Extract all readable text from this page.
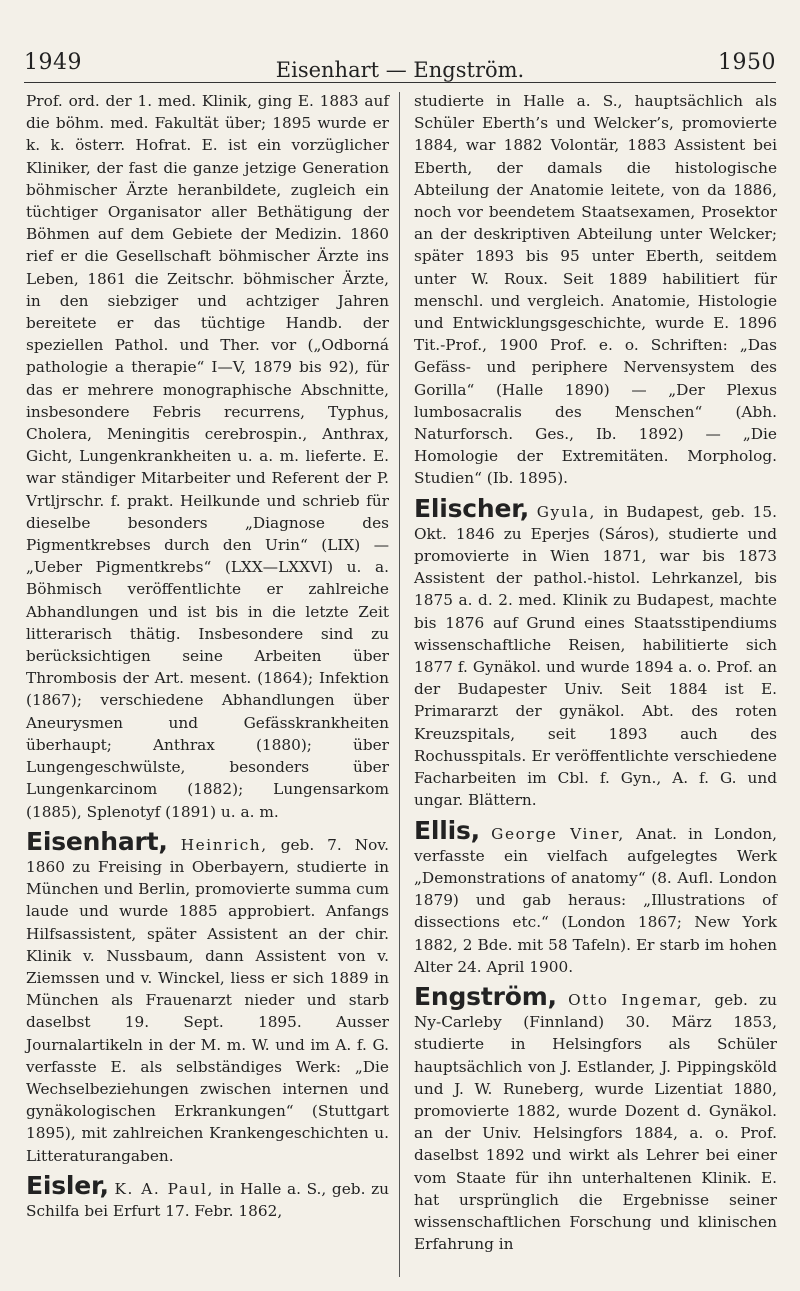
1949	Eisenhart — Engström.	1950

Prof. ord. der 1. med. Klinik, ging E. 1883 auf die böhm. med. Fakultät über; 1895 wurde er k. k. österr. Hofrat. E. ist ein vorzüglicher Kliniker, der fast die ganze jetzige Generation böhmischer Ärzte heranbildete, zugleich ein tüchtiger Organisator aller Bethätigung der Böhmen auf dem Gebiete der Medizin. 1860 rief er die Gesellschaft böhmischer Ärzte ins Leben, 1861 die Zeitschr. böhmischer Ärzte, in den siebziger und achtziger Jahren bereitete er das tüchtige Handb. der speziellen Pathol. und Ther. vor („Odborná pathologie a therapie“ I—V, 1879 bis 92), für das er mehrere monographische Abschnitte, insbesondere Febris recurrens, Typhus, Cholera, Meningitis cerebrospin., Anthrax, Gicht, Lungenkrankheiten u. a. m. lieferte. E. war ständiger Mitarbeiter und Referent der P. Vrtljrschr. f. prakt. Heilkunde und schrieb für dieselbe besonders „Diagnose des Pigmentkrebses durch den Urin“ (LIX) — „Ueber Pigmentkrebs“ (LXX—LXXVI) u. a. Böhmisch veröffentlichte er zahlreiche Abhandlungen und ist bis in die letzte Zeit litterarisch thätig. Insbesondere sind zu berücksichtigen seine Arbeiten über Thrombosis der Art. mesent. (1864); Infektion (1867); verschiedene Abhandlungen über Aneurysmen und Gefässkrankheiten überhaupt; Anthrax (1880); über Lungengeschwülste, besonders über Lungenkarcinom (1882); Lungensarkom (1885), Splenotyf (1891) u. a. m.

Eisenhart, Heinrich, geb. 7. Nov. 1860 zu Freising in Oberbayern, studierte in München und Berlin, promovierte summa cum laude und wurde 1885 approbiert. Anfangs Hilfsassistent, später Assistent an der chir. Klinik v. Nussbaum, dann Assistent von v. Ziemssen und v. Winckel, liess er sich 1889 in München als Frauenarzt nieder und starb daselbst 19. Sept. 1895. Ausser Journalartikeln in der M. m. W. und im A. f. G. verfasste E. als selbständiges Werk: „Die Wechselbeziehungen zwischen internen und gynäkologischen Erkrankungen“ (Stuttgart 1895), mit zahlreichen Krankengeschichten u. Litteraturangaben.

Eisler, K. A. Paul, in Halle a. S., geb. zu Schilfa bei Erfurt 17. Febr. 1862,

studierte in Halle a. S., hauptsächlich als Schüler Eberth’s und Welcker’s, promovierte 1884, war 1882 Volontär, 1883 Assistent bei Eberth, der damals die histologische Abteilung der Anatomie leitete, von da 1886, noch vor beendetem Staatsexamen, Prosektor an der deskriptiven Abteilung unter Welcker; später 1893 bis 95 unter Eberth, seitdem unter W. Roux. Seit 1889 habilitiert für menschl. und vergleich. Anatomie, Histologie und Entwicklungsgeschichte, wurde E. 1896 Tit.-Prof., 1900 Prof. e. o. Schriften: „Das Gefäss- und periphere Nervensystem des Gorilla“ (Halle 1890) — „Der Plexus lumbosacralis des Menschen“ (Abh. Naturforsch. Ges., Ib. 1892) — „Die Homologie der Extremitäten. Morpholog. Studien“ (Ib. 1895).

Elischer, Gyula, in Budapest, geb. 15. Okt. 1846 zu Eperjes (Sáros), studierte und promovierte in Wien 1871, war bis 1873 Assistent der pathol.-histol. Lehrkanzel, bis 1875 a. d. 2. med. Klinik zu Budapest, machte bis 1876 auf Grund eines Staatsstipendiums wissenschaftliche Reisen, habilitierte sich 1877 f. Gynäkol. und wurde 1894 a. o. Prof. an der Budapester Univ. Seit 1884 ist E. Primararzt der gynäkol. Abt. des roten Kreuzspitals, seit 1893 auch des Rochusspitals. Er veröffentlichte verschiedene Facharbeiten im Cbl. f. Gyn., A. f. G. und ungar. Blättern.

Ellis, George Viner, Anat. in London, verfasste ein vielfach aufgelegtes Werk „Demonstrations of anatomy“ (8. Aufl. London 1879) und gab heraus: „Illustrations of dissections etc.“ (London 1867; New York 1882, 2 Bde. mit 58 Tafeln). Er starb im hohen Alter 24. April 1900.

Engström, Otto Ingemar, geb. zu Ny-Carleby (Finnland) 30. März 1853, studierte in Helsingfors als Schüler hauptsächlich von J. Estlander, J. Pippingsköld und J. W. Runeberg, wurde Lizentiat 1880, promovierte 1882, wurde Dozent d. Gynäkol. an der Univ. Helsingfors 1884, a. o. Prof. daselbst 1892 und wirkt als Lehrer bei einer vom Staate für ihn unterhaltenen Klinik. E. hat ursprünglich die Ergebnisse seiner wissenschaftlichen Forschung und klinischen Erfahrung in
